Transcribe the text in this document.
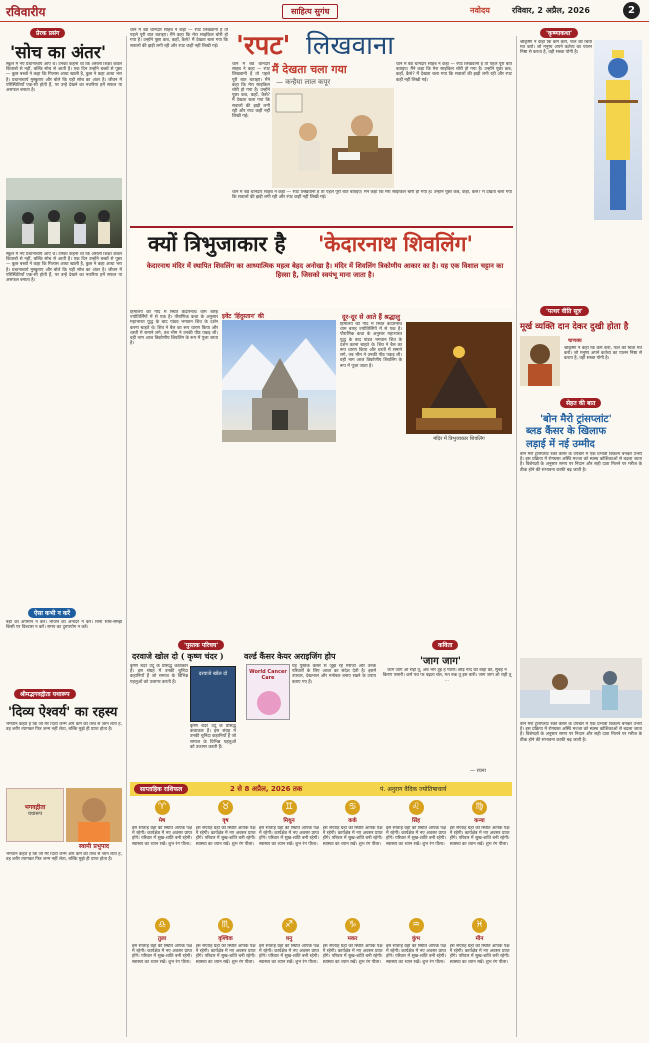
रविवारीय	साहित्य सुगंध	नवोदय	रविवार, 2 अप्रैल, 2026	2
प्रेरक प्रसंग
'सोच का अंतर'
स्कूल में नए प्रधानाचार्य आए थे। उनका कहना था कि असली शिक्षा केवल किताबों से नहीं, बल्कि सोच से आती है। एक दिन उन्होंने बच्चों से पूछा — कुछ बच्चों ने कहा कि गिलास आधा खाली है, कुछ ने कहा आधा भरा है। प्रधानाचार्य मुस्कुराए और बोले कि यही सोच का अंतर है। जीवन में परिस्थितियाँ एक-सी होती हैं, पर उन्हें देखने का नजरिया हमें सफल या असफल बनाता है।
स्कूल में नए प्रधानाचार्य आए थे। उनका कहना था कि असली शिक्षा केवल किताबों से नहीं, बल्कि सोच से आती है। एक दिन उन्होंने बच्चों से पूछा — कुछ बच्चों ने कहा कि गिलास आधा खाली है, कुछ ने कहा आधा भरा है। प्रधानाचार्य मुस्कुराए और बोले कि यही सोच का अंतर है। जीवन में परिस्थितियाँ एक-सी होती हैं, पर उन्हें देखने का नजरिया हमें सफल या असफल बनाता है।
ऐसा कभी न करें
बड़ों का अपमान न करें। भोजन का अनादर न करें। बिना सोचे-समझे किसी पर विश्वास न करें। समय का दुरुपयोग न करें।
श्रीमद्भगवद्गीता यथारूप
'दिव्य ऐश्वर्य' का रहस्य
भगवान कहते हैं कि जो मेरे दिव्य जन्म और कर्म को तत्त्व से जान लेता है, वह शरीर त्यागकर फिर जन्म नहीं लेता, बल्कि मुझे ही प्राप्त होता है।
भगवद्गीता
यथारूप
स्वामी प्रभुपाद
भगवान कहते हैं कि जो मेरे दिव्य जन्म और कर्म को तत्त्व से जान लेता है, वह शरीर त्यागकर फिर जन्म नहीं लेता, बल्कि मुझे ही प्राप्त होता है।
थाने में बैठे थानेदार साहब ने कहा — रपट लिखवानी है तो पहले पूरी बात बताइए। मैंने कहा कि मेरा साइकिल चोरी हो गया है। उन्होंने पूछा कब, कहाँ, कैसे? मैं देखता चला गया कि सवालों की झड़ी लगी रही और रपट कहीं नहीं लिखी गई। 'रपट' लिखवाना
मैं देखता चला गया
— कन्हैया लाल कपूर
थाने में बैठे थानेदार साहब ने कहा — रपट लिखवानी है तो पहले पूरी बात बताइए। मैंने कहा कि मेरा साइकिल चोरी हो गया है। उन्होंने पूछा कब, कहाँ, कैसे? मैं देखता चला गया कि सवालों की झड़ी लगी रही और रपट कहीं नहीं लिखी गई।
थाने में बैठे थानेदार साहब ने कहा — रपट लिखवानी है तो पहले पूरी बात बताइए। मैंने कहा कि मेरा साइकिल चोरी हो गया है। उन्होंने पूछा कब, कहाँ, कैसे? मैं देखता चला गया कि सवालों की झड़ी लगी रही और रपट कहीं नहीं लिखी गई।
थाने में बैठे थानेदार साहब ने कहा — रपट लिखवानी है तो पहले पूरी बात बताइए। मैंने कहा कि मेरा साइकिल चोरी हो गया है। उन्होंने पूछा कब, कहाँ, कैसे? मैं देखता चला गया कि सवालों की झड़ी लगी रही और रपट कहीं नहीं लिखी गई।
'कृष्णाकथा'
श्रीकृष्ण ने कहा कि कर्म करो, फल की चिंता मत करो। जो मनुष्य अपने कर्तव्य का पालन निष्ठा से करता है, वही सच्चा योगी है।
'पत्थर वीति सूत्र'
मूर्ख व्यक्ति दान देकर दुखी होता है
चाणक्य
श्रीकृष्ण ने कहा कि कर्म करो, फल की चिंता मत करो। जो मनुष्य अपने कर्तव्य का पालन निष्ठा से करता है, वही सच्चा योगी है।
सेहत की बात
'बोन मैरो ट्रांसप्लांट'
ब्लड कैंसर के खिलाफ
लड़ाई में नई उम्मीद
बोन मैरो ट्रांसप्लांट रक्त कैंसर के उपचार में एक प्रभावी विकल्प बनकर उभरा है। इस प्रक्रिया में रोगग्रस्त अस्थि मज्जा को स्वस्थ कोशिकाओं से बदला जाता है। विशेषज्ञों के अनुसार समय पर निदान और सही दाता मिलने पर मरीज के ठीक होने की संभावना काफी बढ़ जाती है।
बोन मैरो ट्रांसप्लांट रक्त कैंसर के उपचार में एक प्रभावी विकल्प बनकर उभरा है। इस प्रक्रिया में रोगग्रस्त अस्थि मज्जा को स्वस्थ कोशिकाओं से बदला जाता है। विशेषज्ञों के अनुसार समय पर निदान और सही दाता मिलने पर मरीज के ठीक होने की संभावना काफी बढ़ जाती है।
क्यों त्रिभुजाकार है 'केदारनाथ शिवलिंग'
केदारनाथ मंदिर में स्थापित शिवलिंग का आध्यात्मिक महत्व बेहद अनोखा है। मंदिर में शिवलिंग त्रिकोणीय आकार का है। यह एक विशाल चट्टान का हिस्सा है, जिसको स्वयंभू माना जाता है।
हिमालय की गोद में स्थित केदारनाथ धाम बारह ज्योतिर्लिंगों में से एक है। पौराणिक कथा के अनुसार महाभारत युद्ध के बाद पांडव भगवान शिव के दर्शन करना चाहते थे। शिव ने बैल का रूप धारण किया और धरती में समाने लगे, तब भीम ने उनकी पीठ पकड़ ली। वही भाग आज त्रिकोणीय शिवलिंग के रूप में पूजा जाता है।
इवेंट 'हिंदुस्तान' की	दूर-दूर से आते हैं श्रद्धालु
हिमालय की गोद में स्थित केदारनाथ धाम बारह ज्योतिर्लिंगों में से एक है। पौराणिक कथा के अनुसार महाभारत युद्ध के बाद पांडव भगवान शिव के दर्शन करना चाहते थे। शिव ने बैल का रूप धारण किया और धरती में समाने लगे, तब भीम ने उनकी पीठ पकड़ ली। वही भाग आज त्रिकोणीय शिवलिंग के रूप में पूजा जाता है।
मंदिर में त्रिभुजाकार शिवलिंग
'पुस्तक परिचय'
दरवाजे खोल दो ( कृष्ण चंदर )
कृष्ण चंदर उर्दू के प्रसिद्ध कथाकार हैं। इस संग्रह में उनकी चुनिंदा कहानियाँ हैं जो समाज के विभिन्न पहलुओं को उजागर करती हैं।
दरवाजे खोल दो
कृष्ण चंदर उर्दू के प्रसिद्ध कथाकार हैं। इस संग्रह में उनकी चुनिंदा कहानियाँ हैं जो समाज के विभिन्न पहलुओं को उजागर करती हैं।
वर्ल्ड कैंसर केयर अराइजिंग होप
World Cancer Care
यह पुस्तक कैंसर से जूझ रहे मरीजों और उनके परिवारों के लिए आशा का संदेश देती है। इसमें उपचार, देखभाल और मनोबल बनाए रखने के उपाय बताए गए हैं।
कविता
'जाग जाग'
जाग जाग ओ राही तू, अब भोर हुई है प्यारी। छोड़ नींद की बाँहों को, सुबह ने किरण पसारी। कर्म पथ पर बढ़ता चल, मत रुक तू इस बारी। जाग जाग ओ राही तू ...
— रचना
साप्ताहिक राशिफल	2 से 8 अप्रैल, 2026 तक	पं. अनुराग वैदिक ज्योतिषाचार्य
♈
मेष
इस सप्ताह ग्रहों की स्थिति आपके पक्ष में रहेगी। कार्यक्षेत्र में नए अवसर प्राप्त होंगे। परिवार में सुख-शांति बनी रहेगी। स्वास्थ्य का ध्यान रखें। शुभ रंग पीला।
♉
वृष
इस सप्ताह ग्रहों की स्थिति आपके पक्ष में रहेगी। कार्यक्षेत्र में नए अवसर प्राप्त होंगे। परिवार में सुख-शांति बनी रहेगी। स्वास्थ्य का ध्यान रखें। शुभ रंग पीला।
♊
मिथुन
इस सप्ताह ग्रहों की स्थिति आपके पक्ष में रहेगी। कार्यक्षेत्र में नए अवसर प्राप्त होंगे। परिवार में सुख-शांति बनी रहेगी। स्वास्थ्य का ध्यान रखें। शुभ रंग पीला।
♋
कर्क
इस सप्ताह ग्रहों की स्थिति आपके पक्ष में रहेगी। कार्यक्षेत्र में नए अवसर प्राप्त होंगे। परिवार में सुख-शांति बनी रहेगी। स्वास्थ्य का ध्यान रखें। शुभ रंग पीला।
♌
सिंह
इस सप्ताह ग्रहों की स्थिति आपके पक्ष में रहेगी। कार्यक्षेत्र में नए अवसर प्राप्त होंगे। परिवार में सुख-शांति बनी रहेगी। स्वास्थ्य का ध्यान रखें। शुभ रंग पीला।
♍
कन्या
इस सप्ताह ग्रहों की स्थिति आपके पक्ष में रहेगी। कार्यक्षेत्र में नए अवसर प्राप्त होंगे। परिवार में सुख-शांति बनी रहेगी। स्वास्थ्य का ध्यान रखें। शुभ रंग पीला।
♎
तुला
इस सप्ताह ग्रहों की स्थिति आपके पक्ष में रहेगी। कार्यक्षेत्र में नए अवसर प्राप्त होंगे। परिवार में सुख-शांति बनी रहेगी। स्वास्थ्य का ध्यान रखें। शुभ रंग पीला।
♏
वृश्चिक
इस सप्ताह ग्रहों की स्थिति आपके पक्ष में रहेगी। कार्यक्षेत्र में नए अवसर प्राप्त होंगे। परिवार में सुख-शांति बनी रहेगी। स्वास्थ्य का ध्यान रखें। शुभ रंग पीला।
♐
धनु
इस सप्ताह ग्रहों की स्थिति आपके पक्ष में रहेगी। कार्यक्षेत्र में नए अवसर प्राप्त होंगे। परिवार में सुख-शांति बनी रहेगी। स्वास्थ्य का ध्यान रखें। शुभ रंग पीला।
♑
मकर
इस सप्ताह ग्रहों की स्थिति आपके पक्ष में रहेगी। कार्यक्षेत्र में नए अवसर प्राप्त होंगे। परिवार में सुख-शांति बनी रहेगी। स्वास्थ्य का ध्यान रखें। शुभ रंग पीला।
♒
कुंभ
इस सप्ताह ग्रहों की स्थिति आपके पक्ष में रहेगी। कार्यक्षेत्र में नए अवसर प्राप्त होंगे। परिवार में सुख-शांति बनी रहेगी। स्वास्थ्य का ध्यान रखें। शुभ रंग पीला।
♓
मीन
इस सप्ताह ग्रहों की स्थिति आपके पक्ष में रहेगी। कार्यक्षेत्र में नए अवसर प्राप्त होंगे। परिवार में सुख-शांति बनी रहेगी। स्वास्थ्य का ध्यान रखें। शुभ रंग पीला।
